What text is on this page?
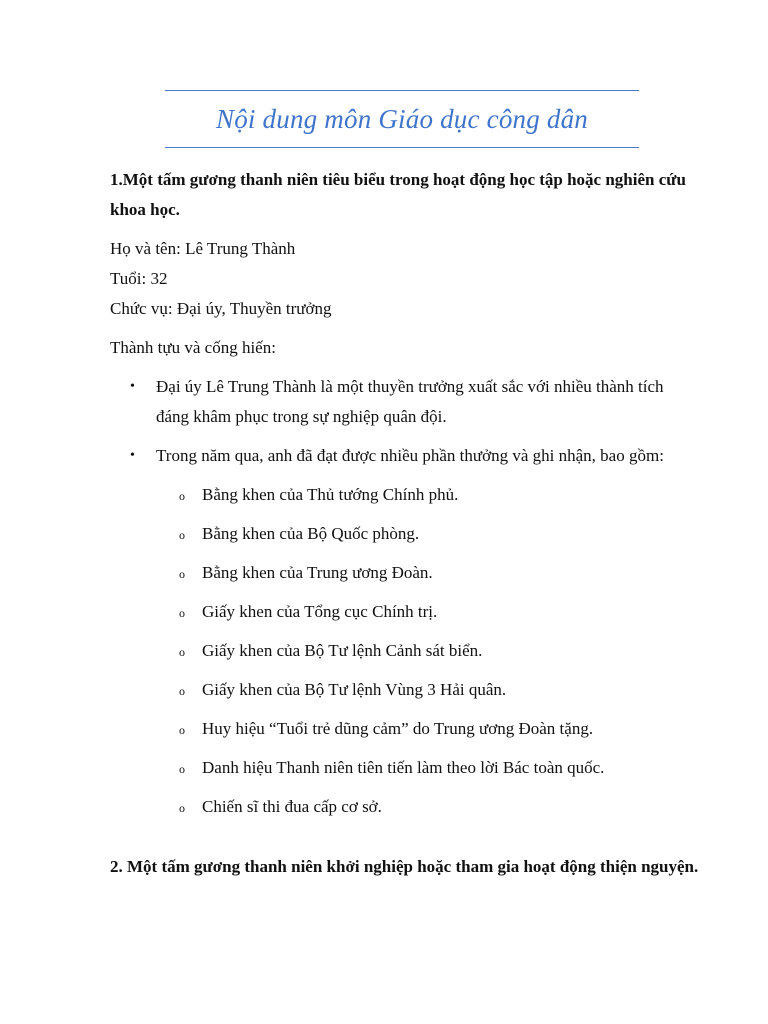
Nội dung môn Giáo dục công dân

1.Một tấm gương thanh niên tiêu biểu trong hoạt động học tập hoặc nghiên cứu khoa học.

Họ và tên: Lê Trung Thành

Tuổi: 32

Chức vụ: Đại úy, Thuyền trưởng

Thành tựu và cống hiến:

• Đại úy Lê Trung Thành là một thuyền trưởng xuất sắc với nhiều thành tích đáng khâm phục trong sự nghiệp quân đội.
• Trong năm qua, anh đã đạt được nhiều phần thưởng và ghi nhận, bao gồm:
o Bằng khen của Thủ tướng Chính phủ.
o Bằng khen của Bộ Quốc phòng.
o Bằng khen của Trung ương Đoàn.
o Giấy khen của Tổng cục Chính trị.
o Giấy khen của Bộ Tư lệnh Cảnh sát biển.
o Giấy khen của Bộ Tư lệnh Vùng 3 Hải quân.
o Huy hiệu “Tuổi trẻ dũng cảm” do Trung ương Đoàn tặng.
o Danh hiệu Thanh niên tiên tiến làm theo lời Bác toàn quốc.
o Chiến sĩ thi đua cấp cơ sở.

2. Một tấm gương thanh niên khởi nghiệp hoặc tham gia hoạt động thiện nguyện.
